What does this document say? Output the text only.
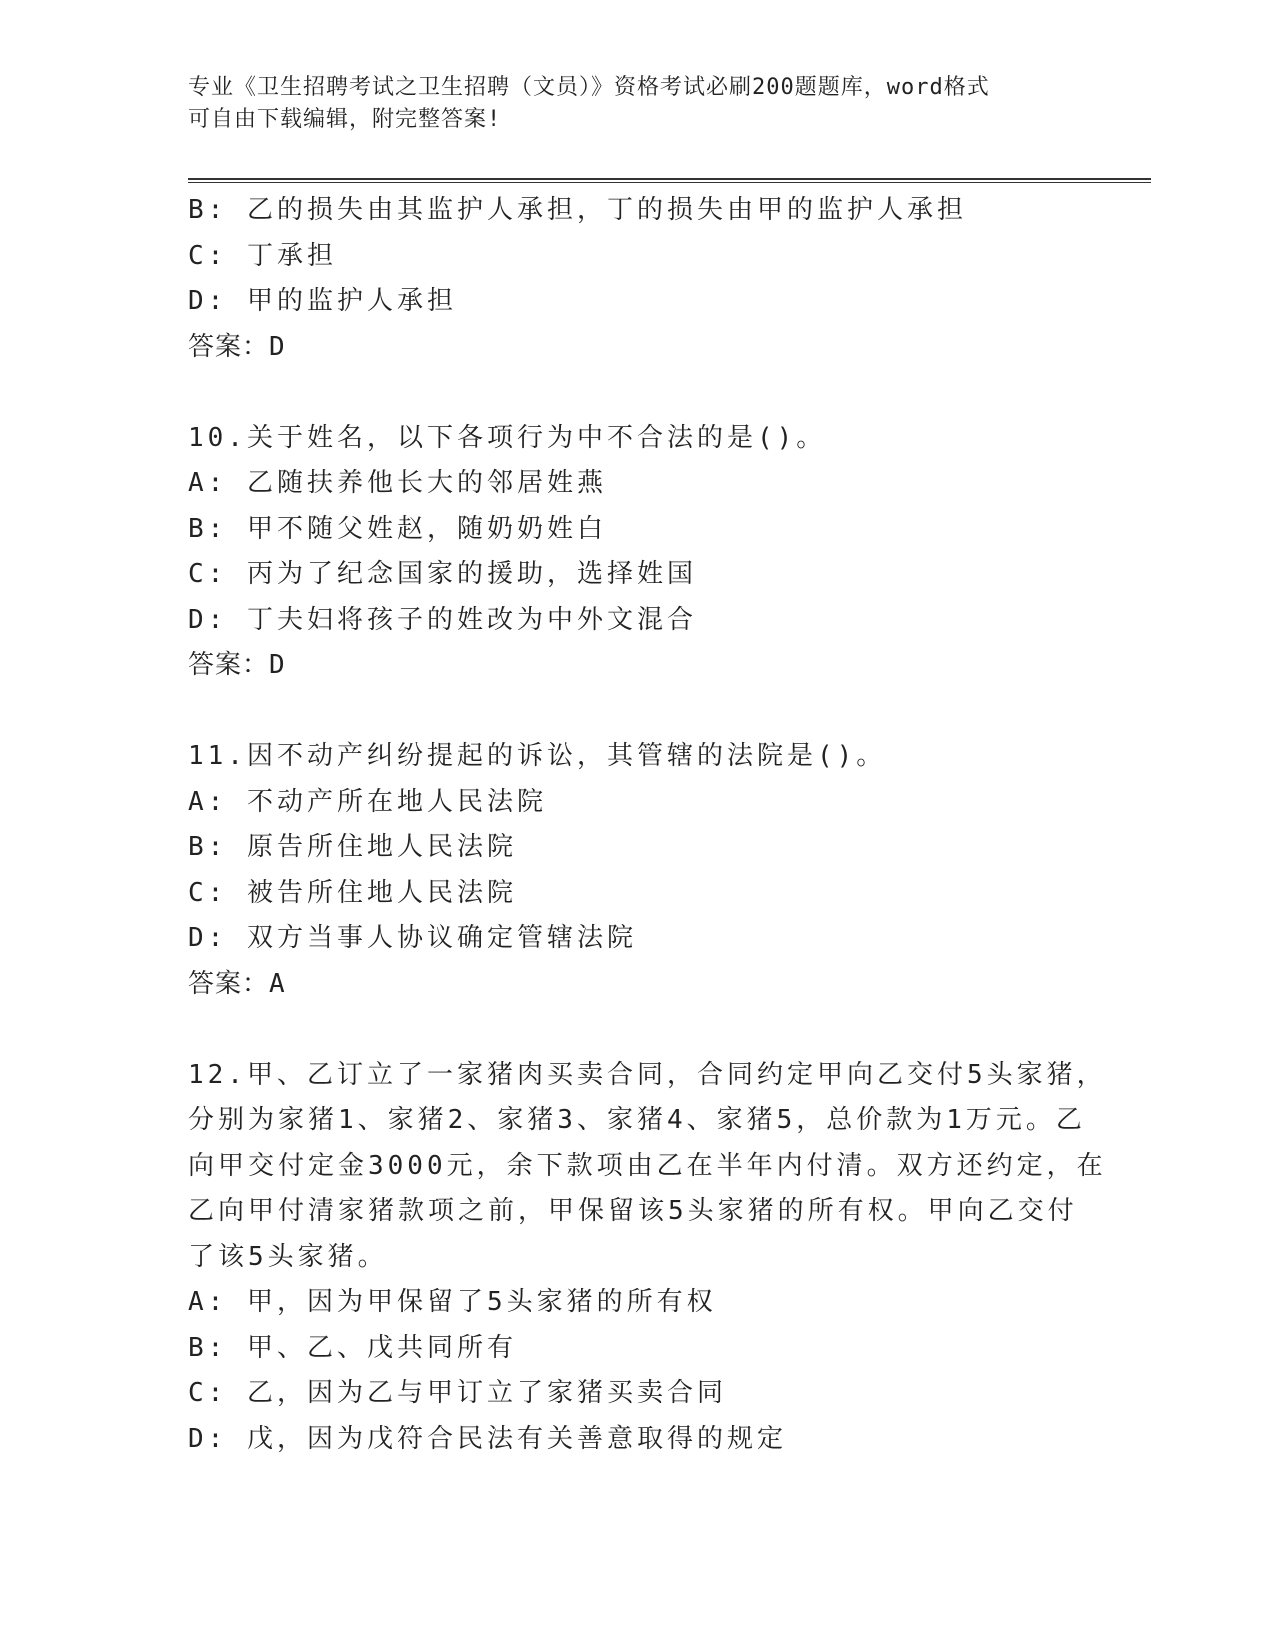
专业《卫生招聘考试之卫生招聘（文员）》资格考试必刷200题题库，word格式
可自由下载编辑，附完整答案!
B: 乙的损失由其监护人承担，丁的损失由甲的监护人承担
C: 丁承担
D: 甲的监护人承担
答案：D
10.关于姓名，以下各项行为中不合法的是()。
A: 乙随扶养他长大的邻居姓燕
B: 甲不随父姓赵，随奶奶姓白
C: 丙为了纪念国家的援助，选择姓国
D: 丁夫妇将孩子的姓改为中外文混合
答案：D
11.因不动产纠纷提起的诉讼，其管辖的法院是()。
A: 不动产所在地人民法院
B: 原告所住地人民法院
C: 被告所住地人民法院
D: 双方当事人协议确定管辖法院
答案：A
12.甲、乙订立了一家猪肉买卖合同，合同约定甲向乙交付5头家猪，
分别为家猪1、家猪2、家猪3、家猪4、家猪5，总价款为1万元。乙
向甲交付定金3000元，余下款项由乙在半年内付清。双方还约定，在
乙向甲付清家猪款项之前，甲保留该5头家猪的所有权。甲向乙交付
了该5头家猪。
A: 甲，因为甲保留了5头家猪的所有权
B: 甲、乙、戊共同所有
C: 乙，因为乙与甲订立了家猪买卖合同
D: 戊，因为戊符合民法有关善意取得的规定
